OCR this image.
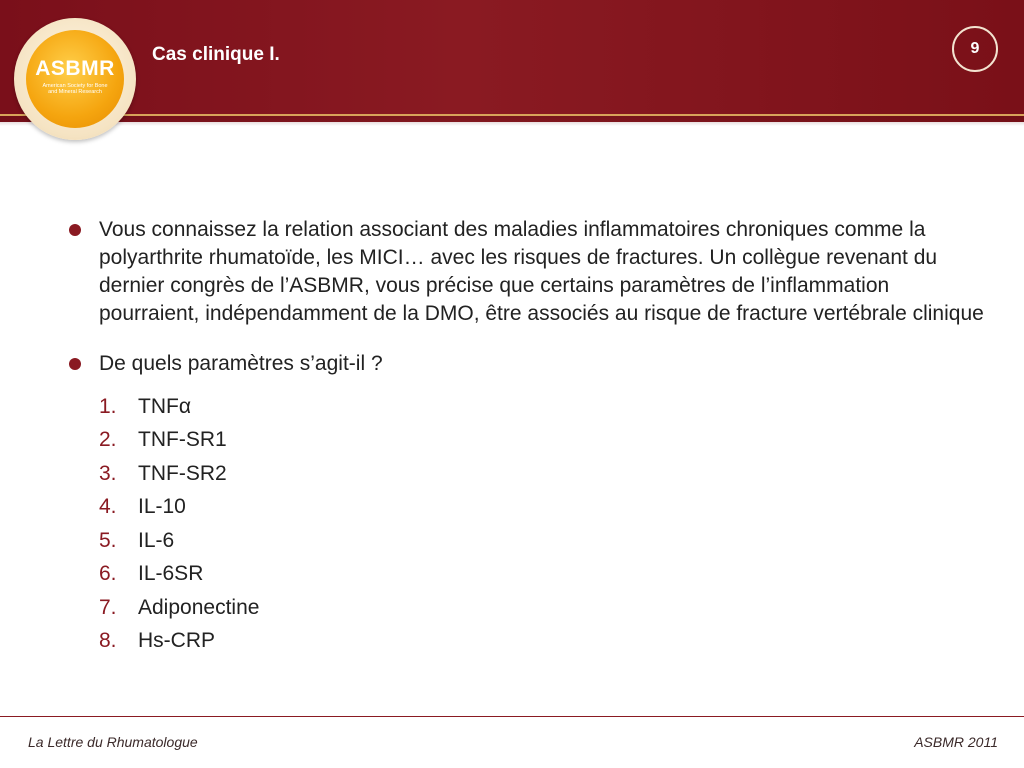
Cas clinique I.	9
ASBMR
American Society for Bone and Mineral Research
Vous connaissez la relation associant des maladies inflammatoires chroniques comme la polyarthrite rhumatoïde, les MICI… avec les risques de fractures. Un collègue revenant du dernier congrès de l’ASBMR, vous précise que certains paramètres de l’inflammation pourraient, indépendamment de la DMO, être associés au risque de fracture vertébrale clinique
De quels paramètres s’agit-il ?
1.	TNFα
2.	TNF-SR1
3.	TNF-SR2
4.	IL-10
5.	IL-6
6.	IL-6SR
7.	Adiponectine
8.	Hs-CRP
La Lettre du Rhumatologue	ASBMR 2011
